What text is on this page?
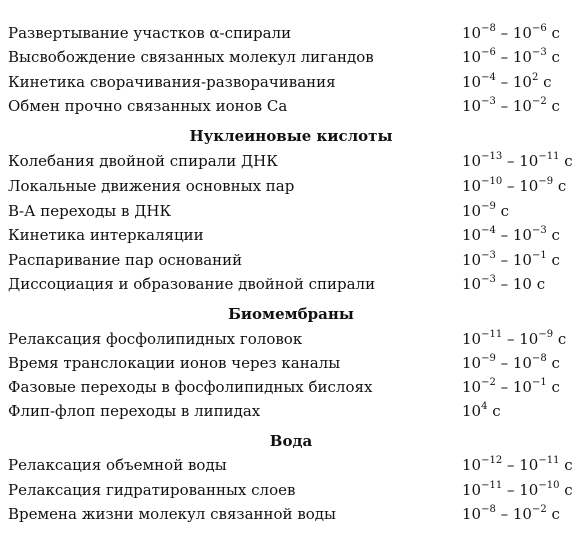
Развертывание участков α-спирали	$10^{-8} - 10^{-6}$ с
Высвобождение связанных молекул лигандов	$10^{-6} - 10^{-3}$ с
Кинетика сворачивания-разворачивания	$10^{-4} - 10^2$ с
Обмен прочно связанных ионов Са	$10^{-3} - 10^{-2}$ с
Нуклеиновые кислоты
Колебания двойной спирали ДНК	$10^{-13} - 10^{-11}$ с
Локальные движения основных пар	$10^{-10} - 10^{-9}$ с
В-А переходы в ДНК	$10^{-9}$ с
Кинетика интеркаляции	$10^{-4} - 10^{-3}$ с
Распаривание пар оснований	$10^{-3} - 10^{-1}$ с
Диссоциация и образование двойной спирали	$10^{-3} - 10$ с
Биомембраны
Релаксация фосфолипидных головок	$10^{-11} - 10^{-9}$ с
Время транслокации ионов через каналы	$10^{-9} - 10^{-8}$ с
Фазовые переходы в фосфолипидных бислоях	$10^{-2} - 10^{-1}$ с
Флип-флоп переходы в липидах	$10^4$ с
Вода
Релаксация объемной воды	$10^{-12} - 10^{-11}$ с
Релаксация гидратированных слоев	$10^{-11} - 10^{-10}$ с
Времена жизни молекул связанной воды	$10^{-8} - 10^{-2}$ с
